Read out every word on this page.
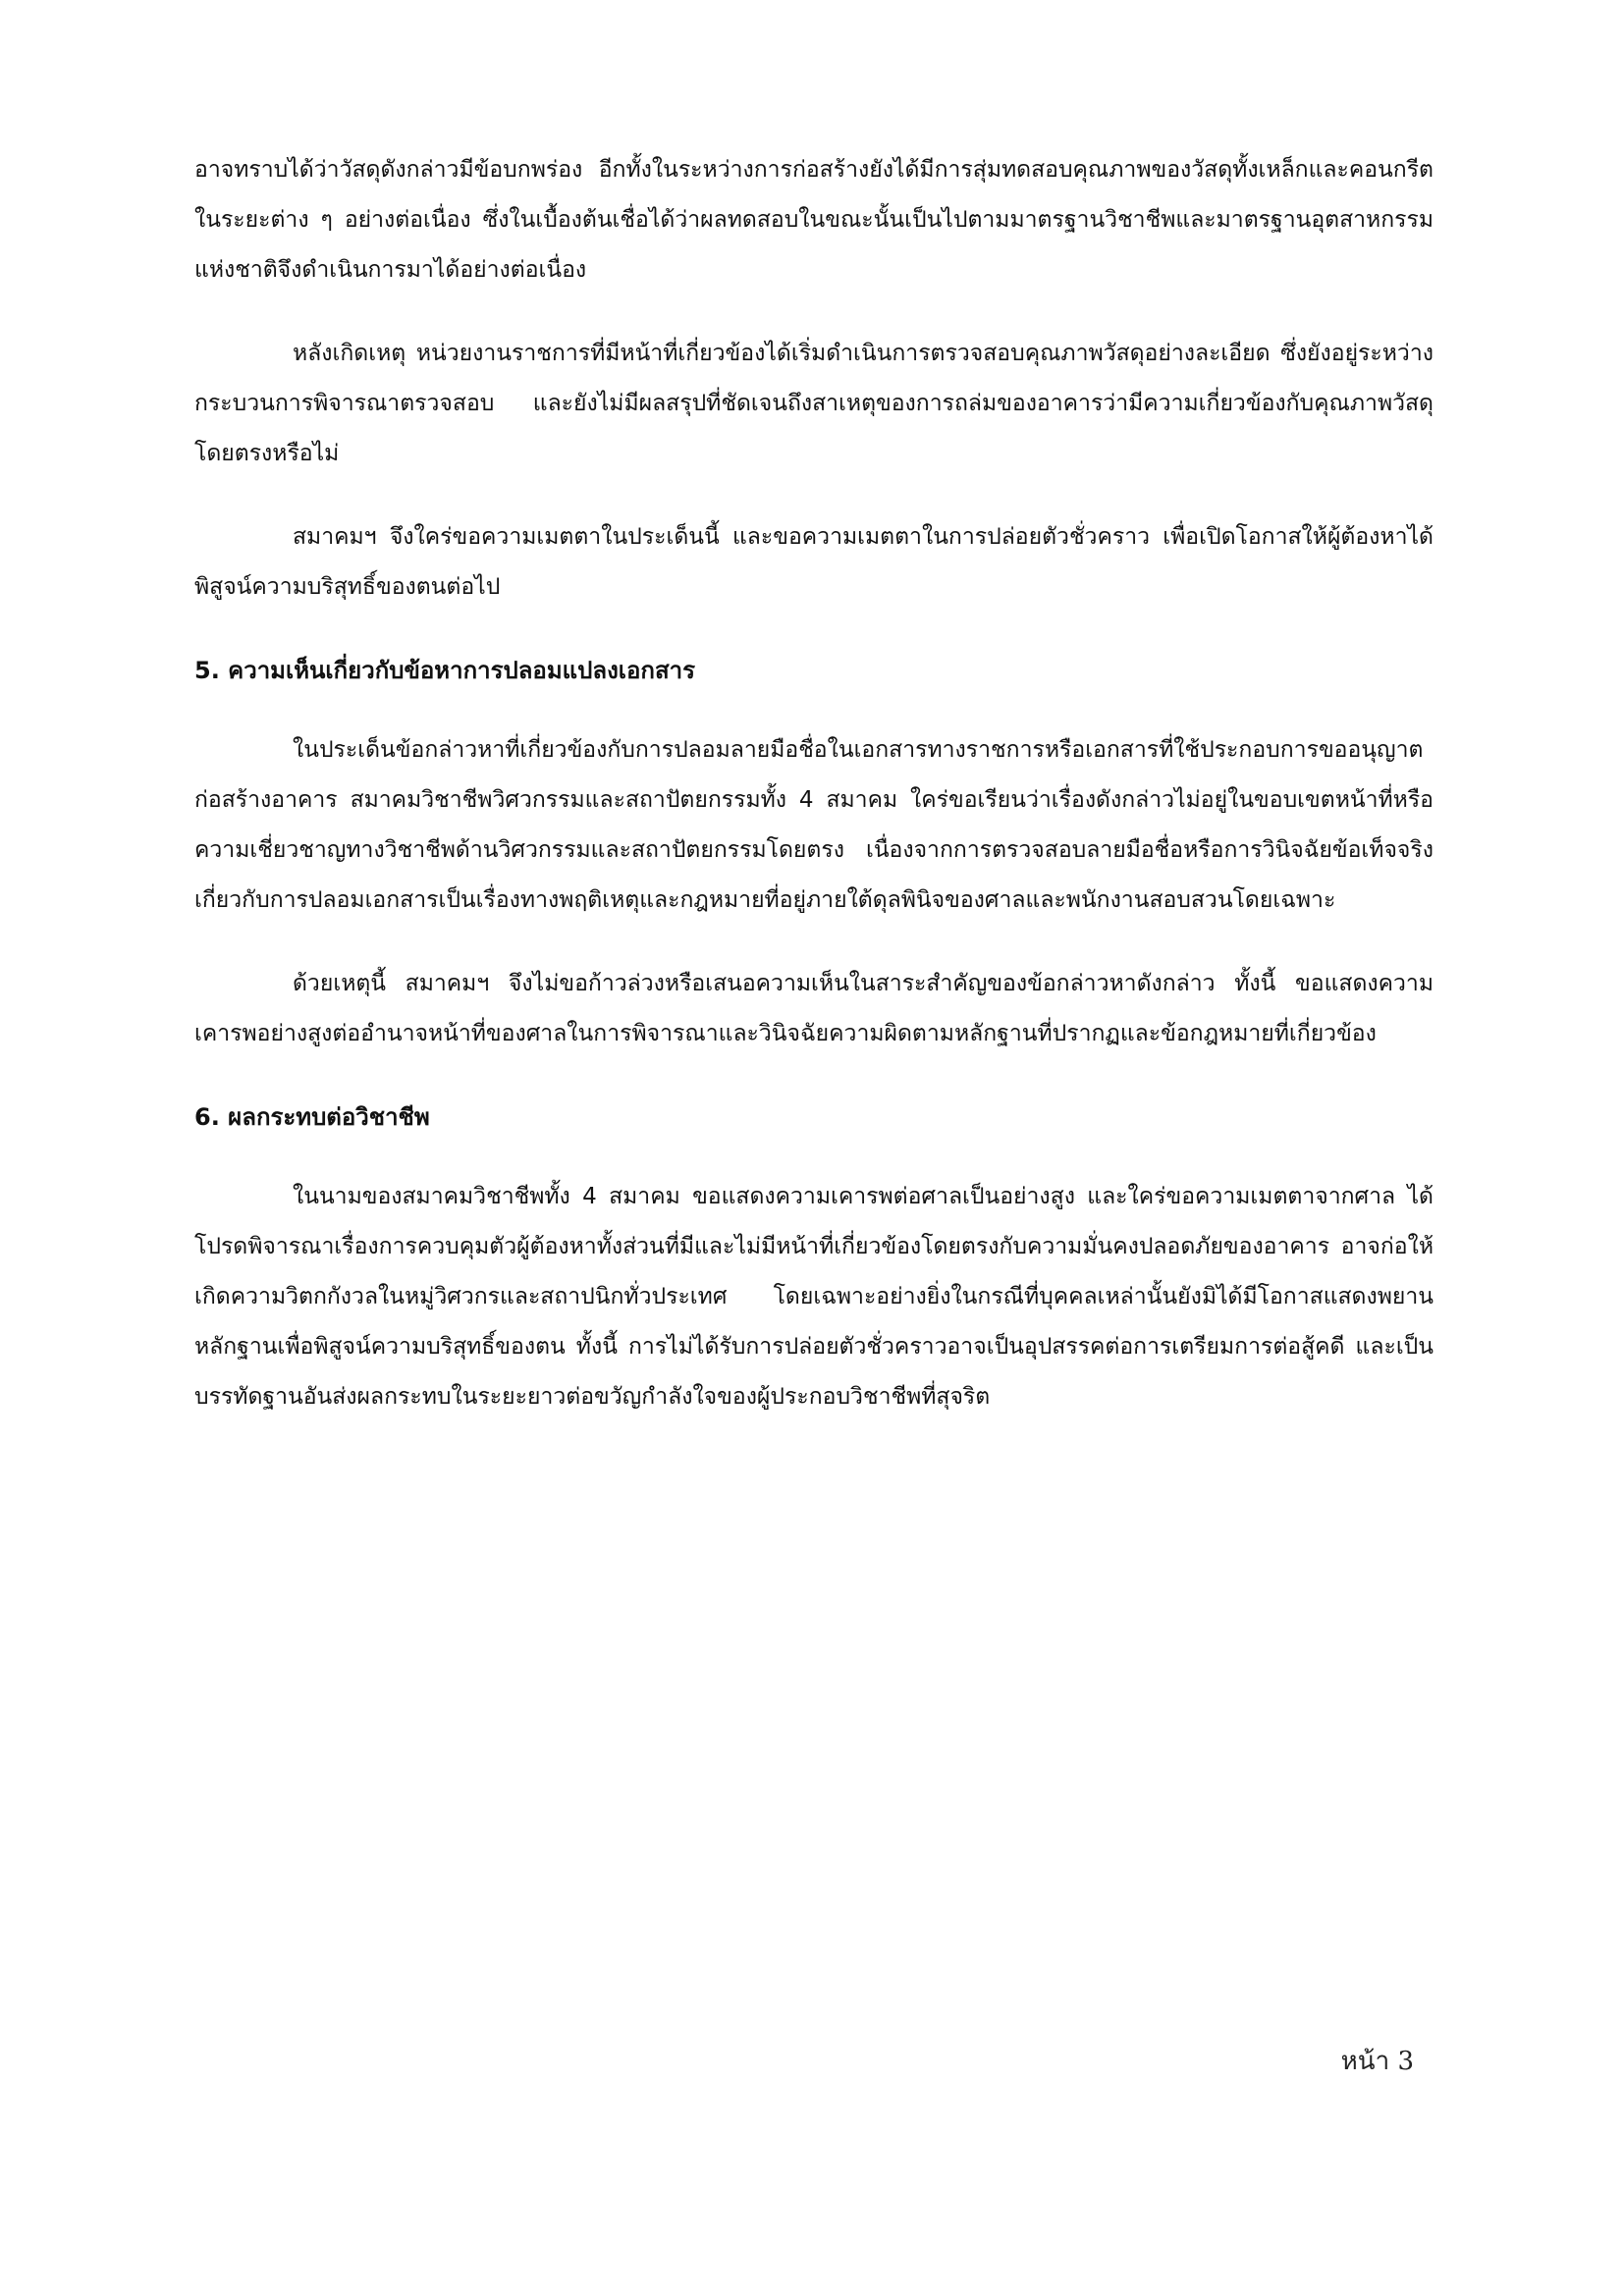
อาจทราบได้ว่าวัสดุดังกล่าวมีข้อบกพร่อง อีกทั้งในระหว่างการก่อสร้างยังได้มีการสุ่มทดสอบคุณภาพของวัสดุทั้งเหล็กและคอนกรีตในระยะต่าง ๆ อย่างต่อเนื่อง ซึ่งในเบื้องต้นเชื่อได้ว่าผลทดสอบในขณะนั้นเป็นไปตามมาตรฐานวิชาชีพและมาตรฐานอุตสาหกรรมแห่งชาติจึงดำเนินการมาได้อย่างต่อเนื่อง

หลังเกิดเหตุ หน่วยงานราชการที่มีหน้าที่เกี่ยวข้องได้เริ่มดำเนินการตรวจสอบคุณภาพวัสดุอย่างละเอียด ซึ่งยังอยู่ระหว่างกระบวนการพิจารณาตรวจสอบ และยังไม่มีผลสรุปที่ชัดเจนถึงสาเหตุของการถล่มของอาคารว่ามีความเกี่ยวข้องกับคุณภาพวัสดุโดยตรงหรือไม่

สมาคมฯ จึงใคร่ขอความเมตตาในประเด็นนี้ และขอความเมตตาในการปล่อยตัวชั่วคราว เพื่อเปิดโอกาสให้ผู้ต้องหาได้พิสูจน์ความบริสุทธิ์ของตนต่อไป

5. ความเห็นเกี่ยวกับข้อหาการปลอมแปลงเอกสาร

ในประเด็นข้อกล่าวหาที่เกี่ยวข้องกับการปลอมลายมือชื่อในเอกสารทางราชการหรือเอกสารที่ใช้ประกอบการขออนุญาตก่อสร้างอาคาร สมาคมวิชาชีพวิศวกรรมและสถาปัตยกรรมทั้ง 4 สมาคม ใคร่ขอเรียนว่าเรื่องดังกล่าวไม่อยู่ในขอบเขตหน้าที่หรือความเชี่ยวชาญทางวิชาชีพด้านวิศวกรรมและสถาปัตยกรรมโดยตรง เนื่องจากการตรวจสอบลายมือชื่อหรือการวินิจฉัยข้อเท็จจริงเกี่ยวกับการปลอมเอกสารเป็นเรื่องทางพฤติเหตุและกฎหมายที่อยู่ภายใต้ดุลพินิจของศาลและพนักงานสอบสวนโดยเฉพาะ

ด้วยเหตุนี้ สมาคมฯ จึงไม่ขอก้าวล่วงหรือเสนอความเห็นในสาระสำคัญของข้อกล่าวหาดังกล่าว ทั้งนี้ ขอแสดงความเคารพอย่างสูงต่ออำนาจหน้าที่ของศาลในการพิจารณาและวินิจฉัยความผิดตามหลักฐานที่ปรากฏและข้อกฎหมายที่เกี่ยวข้อง

6. ผลกระทบต่อวิชาชีพ

ในนามของสมาคมวิชาชีพทั้ง 4 สมาคม ขอแสดงความเคารพต่อศาลเป็นอย่างสูง และใคร่ขอความเมตตาจากศาล ได้โปรดพิจารณาเรื่องการควบคุมตัวผู้ต้องหาทั้งส่วนที่มีและไม่มีหน้าที่เกี่ยวข้องโดยตรงกับความมั่นคงปลอดภัยของอาคาร อาจก่อให้เกิดความวิตกกังวลในหมู่วิศวกรและสถาปนิกทั่วประเทศ โดยเฉพาะอย่างยิ่งในกรณีที่บุคคลเหล่านั้นยังมิได้มีโอกาสแสดงพยานหลักฐานเพื่อพิสูจน์ความบริสุทธิ์ของตน ทั้งนี้ การไม่ได้รับการปล่อยตัวชั่วคราวอาจเป็นอุปสรรคต่อการเตรียมการต่อสู้คดี และเป็นบรรทัดฐานอันส่งผลกระทบในระยะยาวต่อขวัญกำลังใจของผู้ประกอบวิชาชีพที่สุจริต

หน้า 3
